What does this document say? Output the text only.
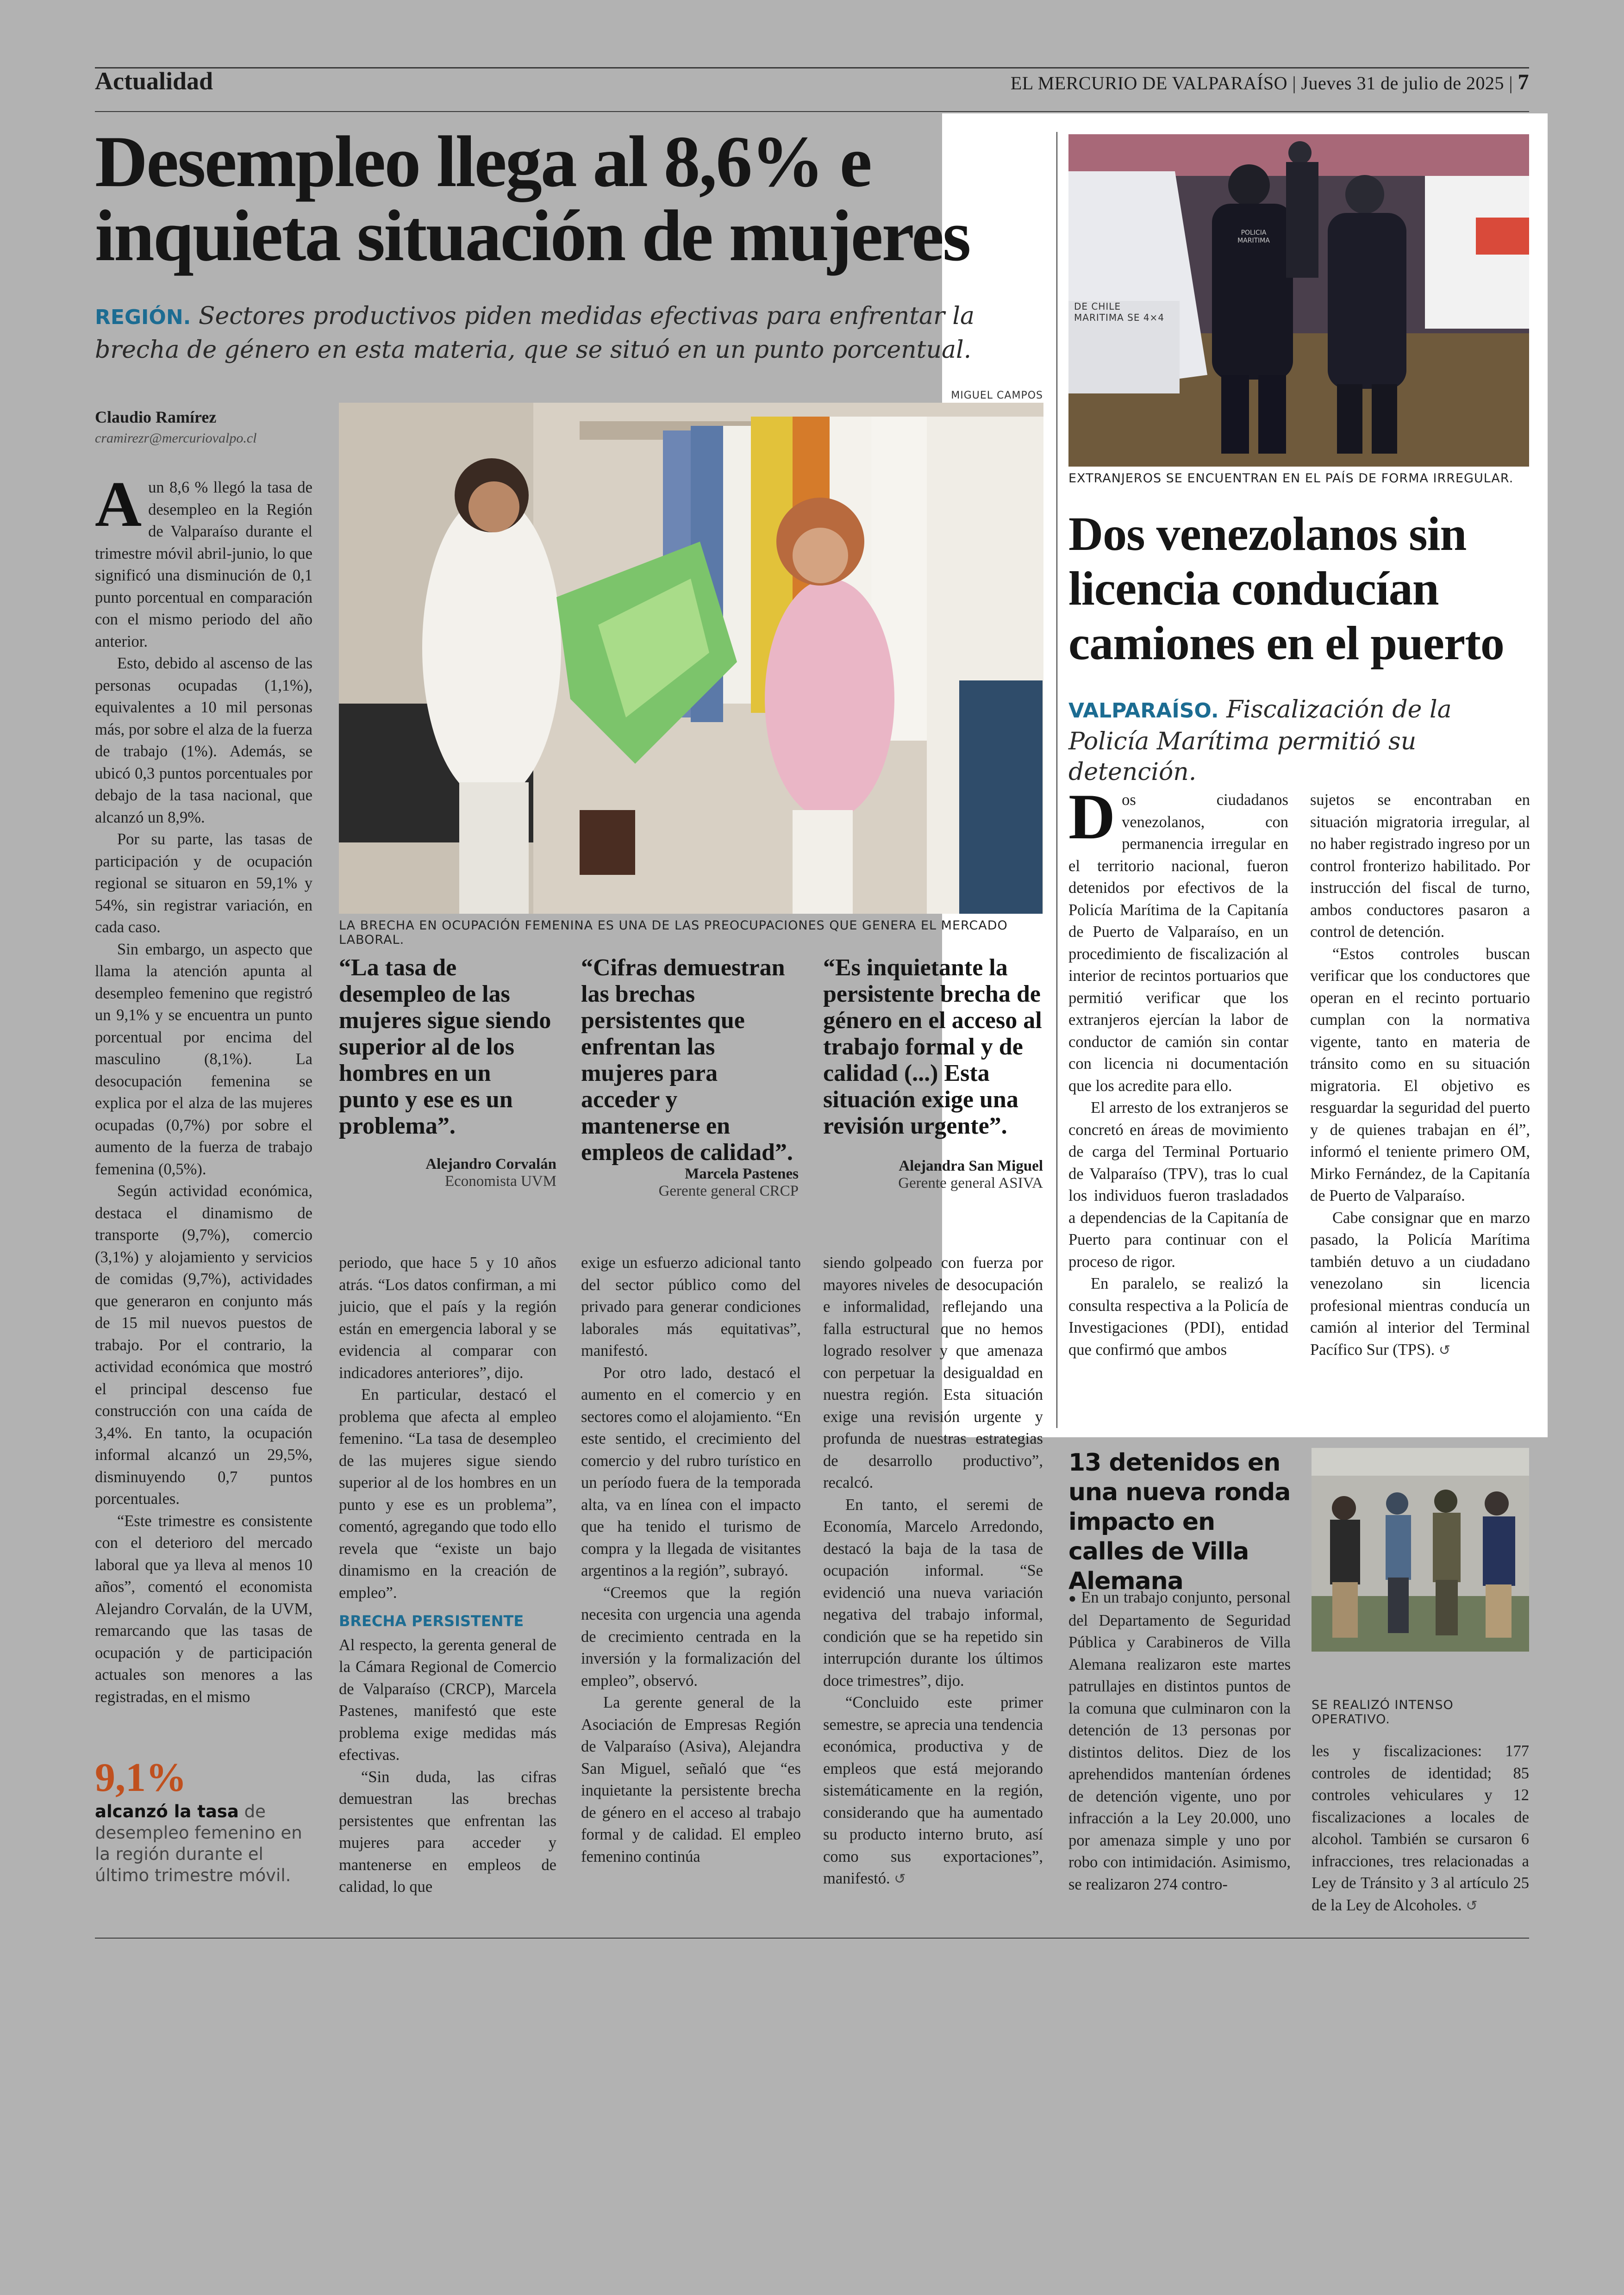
Actualidad	EL MERCURIO DE VALPARAÍSO | Jueves 31 de julio de 2025 | 7
Desempleo llega al 8,6% e
inquieta situación de mujeres
REGIÓN. Sectores productivos piden medidas efectivas para enfrentar la brecha de género en esta materia, que se situó en un punto porcentual.
Claudio Ramírez
cramirezr@mercuriovalpo.cl
MIGUEL CAMPOS
LA BRECHA EN OCUPACIÓN FEMENINA ES UNA DE LAS PREOCUPACIONES QUE GENERA EL MERCADO LABORAL.
A un 8,6 % llegó la tasa de desempleo en la Región de Valparaíso durante el trimestre móvil abril-junio, lo que significó una disminución de 0,1 punto porcentual en comparación con el mismo periodo del año anterior.

Esto, debido al ascenso de las personas ocupadas (1,1%), equivalentes a 10 mil personas más, por sobre el alza de la fuerza de trabajo (1%). Además, se ubicó 0,3 puntos porcentuales por debajo de la tasa nacional, que alcanzó un 8,9%.

Por su parte, las tasas de participación y de ocupación regional se situaron en 59,1% y 54%, sin registrar variación, en cada caso.

Sin embargo, un aspecto que llama la atención apunta al desempleo femenino que registró un 9,1% y se encuentra un punto porcentual por encima del masculino (8,1%). La desocupación femenina se explica por el alza de las mujeres ocupadas (0,7%) por sobre el aumento de la fuerza de trabajo femenina (0,5%).

Según actividad económica, destaca el dinamismo de transporte (9,7%), comercio (3,1%) y alojamiento y servicios de comidas (9,7%), actividades que generaron en conjunto más de 15 mil nuevos puestos de trabajo. Por el contrario, la actividad económica que mostró el principal descenso fue construcción con una caída de 3,4%. En tanto, la ocupación informal alcanzó un 29,5%, disminuyendo 0,7 puntos porcentuales.

“Este trimestre es consistente con el deterioro del mercado laboral que ya lleva al menos 10 años”, comentó el economista Alejandro Corvalán, de la UVM, remarcando que las tasas de ocupación y de participación actuales son menores a las registradas, en el mismo

9,1%
alcanzó la tasa de desempleo femenino en la región durante el último trimestre móvil.
“La tasa de desempleo de las mujeres sigue siendo superior al de los hombres en un punto y ese es un problema”.
Alejandro Corvalán
Economista UVM
“Cifras demuestran las brechas persistentes que enfrentan las mujeres para acceder y mantenerse en empleos de calidad”.
Marcela Pastenes
Gerente general CRCP
“Es inquietante la persistente brecha de género en el acceso al trabajo formal y de calidad (...) Esta situación exige una revisión urgente”.
Alejandra San Miguel
Gerente general ASIVA

periodo, que hace 5 y 10 años atrás. “Los datos confirman, a mi juicio, que el país y la región están en emergencia laboral y se evidencia al comparar con indicadores anteriores”, dijo.

En particular, destacó el problema que afecta al empleo femenino. “La tasa de desempleo de las mujeres sigue siendo superior al de los hombres en un punto y ese es un problema”, comentó, agregando que todo ello revela que “existe un bajo dinamismo en la creación de empleo”.

BRECHA PERSISTENTE

Al respecto, la gerenta general de la Cámara Regional de Comercio de Valparaíso (CRCP), Marcela Pastenes, manifestó que este problema exige medidas más efectivas.

“Sin duda, las cifras demuestran las brechas persistentes que enfrentan las mujeres para acceder y mantenerse en empleos de calidad, lo que

exige un esfuerzo adicional tanto del sector público como del privado para generar condiciones laborales más equitativas”, manifestó.

Por otro lado, destacó el aumento en el comercio y en sectores como el alojamiento. “En este sentido, el crecimiento del comercio y del rubro turístico en un período fuera de la temporada alta, va en línea con el impacto que ha tenido el turismo de compra y la llegada de visitantes argentinos a la región”, subrayó.

“Creemos que la región necesita con urgencia una agenda de crecimiento centrada en la inversión y la formalización del empleo”, observó.

La gerente general de la Asociación de Empresas Región de Valparaíso (Asiva), Alejandra San Miguel, señaló que “es inquietante la persistente brecha de género en el acceso al trabajo formal y de calidad. El empleo femenino continúa

siendo golpeado con fuerza por mayores niveles de desocupación e informalidad, reflejando una falla estructural que no hemos logrado resolver y que amenaza con perpetuar la desigualdad en nuestra región. Esta situación exige una revisión urgente y profunda de nuestras estrategias de desarrollo productivo”, recalcó.

En tanto, el seremi de Economía, Marcelo Arredondo, destacó la baja de la tasa de ocupación informal. “Se evidenció una nueva variación negativa del trabajo informal, condición que se ha repetido sin interrupción durante los últimos doce trimestres”, dijo.

“Concluido este primer semestre, se aprecia una tendencia económica, productiva y de empleos que está mejorando sistemáticamente en la región, considerando que ha aumentado su producto interno bruto, así como sus exportaciones”, manifestó. ↺

DE CHILE MARITIMA SE 4×4
POLICIA MARITIMA
EXTRANJEROS SE ENCUENTRAN EN EL PAÍS DE FORMA IRREGULAR.
Dos venezolanos sin licencia conducían camiones en el puerto
VALPARAÍSO. Fiscalización de la Policía Marítima permitió su detención.
D os ciudadanos venezolanos, con permanencia irregular en el territorio nacional, fueron detenidos por efectivos de la Policía Marítima de la Capitanía de Puerto de Valparaíso, en un procedimiento de fiscalización al interior de recintos portuarios que permitió verificar que los extranjeros ejercían la labor de conductor de camión sin contar con licencia ni documentación que los acredite para ello.

El arresto de los extranjeros se concretó en áreas de movimiento de carga del Terminal Portuario de Valparaíso (TPV), tras lo cual los individuos fueron trasladados a dependencias de la Capitanía de Puerto para continuar con el proceso de rigor.

En paralelo, se realizó la consulta respectiva a la Policía de Investigaciones (PDI), entidad que confirmó que ambos

sujetos se encontraban en situación migratoria irregular, al no haber registrado ingreso por un control fronterizo habilitado. Por instrucción del fiscal de turno, ambos conductores pasaron a control de detención.

“Estos controles buscan verificar que los conductores que operan en el recinto portuario cumplan con la normativa vigente, tanto en materia de tránsito como en su situación migratoria. El objetivo es resguardar la seguridad del puerto y de quienes trabajan en él”, informó el teniente primero OM, Mirko Fernández, de la Capitanía de Puerto de Valparaíso.

Cabe consignar que en marzo pasado, la Policía Marítima también detuvo a un ciudadano venezolano sin licencia profesional mientras conducía un camión al interior del Terminal Pacífico Sur (TPS). ↺

13 detenidos en una nueva ronda impacto en calles de Villa Alemana

● En un trabajo conjunto, personal del Departamento de Seguridad Pública y Carabineros de Villa Alemana realizaron este martes patrullajes en distintos puntos de la comuna que culminaron con la detención de 13 personas por distintos delitos. Diez de los aprehendidos mantenían órdenes de detención vigente, uno por infracción a la Ley 20.000, uno por amenaza simple y uno por robo con intimidación. Asimismo, se realizaron 274 contro-

SE REALIZÓ INTENSO OPERATIVO.

les y fiscalizaciones: 177 controles de identidad; 85 controles vehiculares y 12 fiscalizaciones a locales de alcohol. También se cursaron 6 infracciones, tres relacionadas a Ley de Tránsito y 3 al artículo 25 de la Ley de Alcoholes. ↺
